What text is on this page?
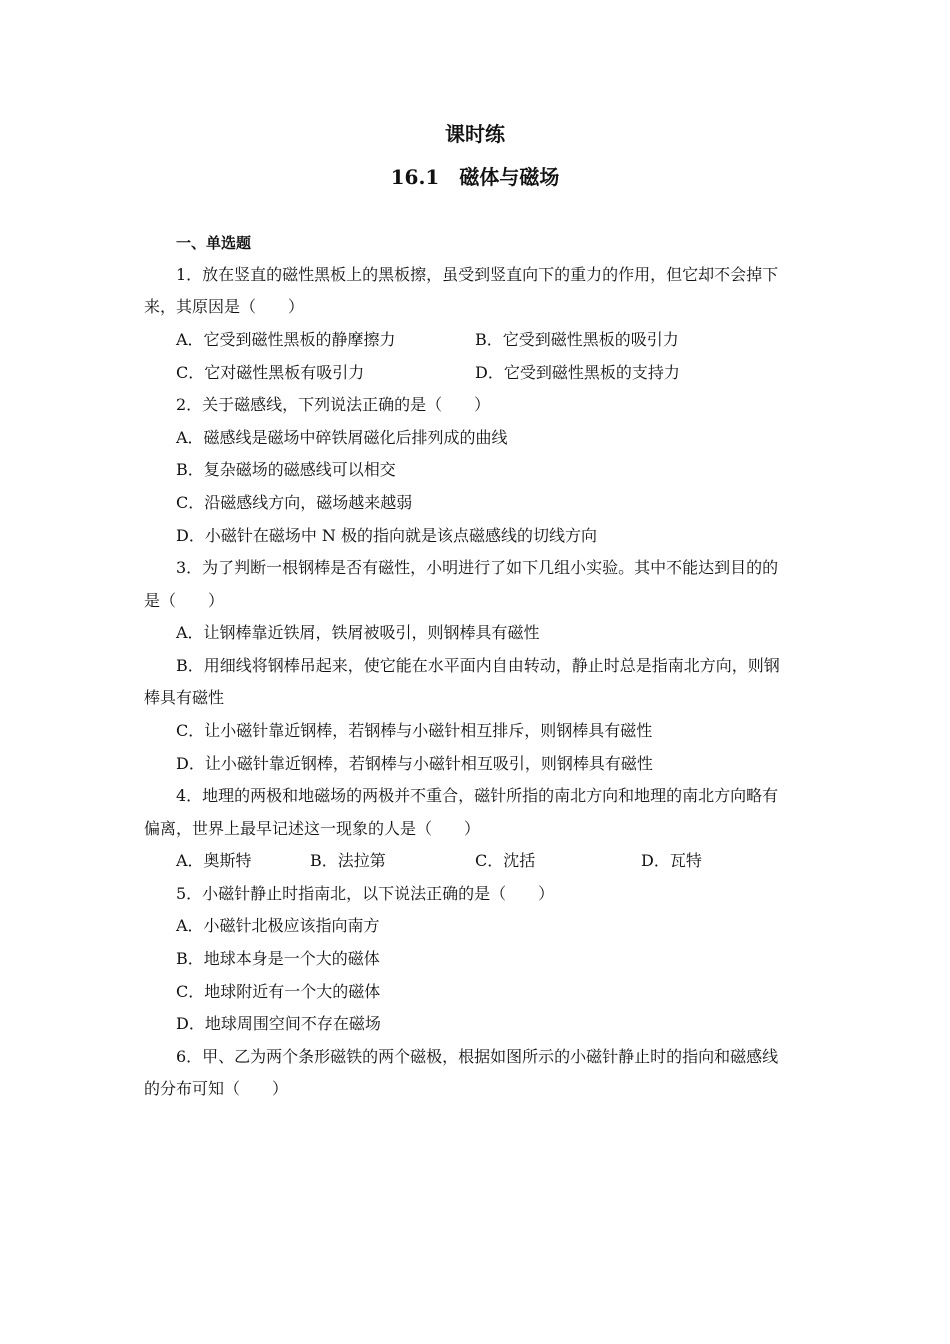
课时练
16.1　磁体与磁场
一、单选题
1．放在竖直的磁性黑板上的黑板擦，虽受到竖直向下的重力的作用，但它却不会掉下
来，其原因是（　　）
A．它受到磁性黑板的静摩擦力	B．它受到磁性黑板的吸引力
C．它对磁性黑板有吸引力	D．它受到磁性黑板的支持力
2．关于磁感线，下列说法正确的是（　　）
A．磁感线是磁场中碎铁屑磁化后排列成的曲线
B．复杂磁场的磁感线可以相交
C．沿磁感线方向，磁场越来越弱
D．小磁针在磁场中 N 极的指向就是该点磁感线的切线方向
3．为了判断一根钢棒是否有磁性，小明进行了如下几组小实验。其中不能达到目的的
是（　　）
A．让钢棒靠近铁屑，铁屑被吸引，则钢棒具有磁性
B．用细线将钢棒吊起来，使它能在水平面内自由转动，静止时总是指南北方向，则钢
棒具有磁性
C．让小磁针靠近钢棒，若钢棒与小磁针相互排斥，则钢棒具有磁性
D．让小磁针靠近钢棒，若钢棒与小磁针相互吸引，则钢棒具有磁性
4．地理的两极和地磁场的两极并不重合，磁针所指的南北方向和地理的南北方向略有
偏离，世界上最早记述这一现象的人是（　　）
A．奥斯特	B．法拉第	C．沈括	D．瓦特
5．小磁针静止时指南北，以下说法正确的是（　　）
A．小磁针北极应该指向南方
B．地球本身是一个大的磁体
C．地球附近有一个大的磁体
D．地球周围空间不存在磁场
6．甲、乙为两个条形磁铁的两个磁极，根据如图所示的小磁针静止时的指向和磁感线
的分布可知（　　）
